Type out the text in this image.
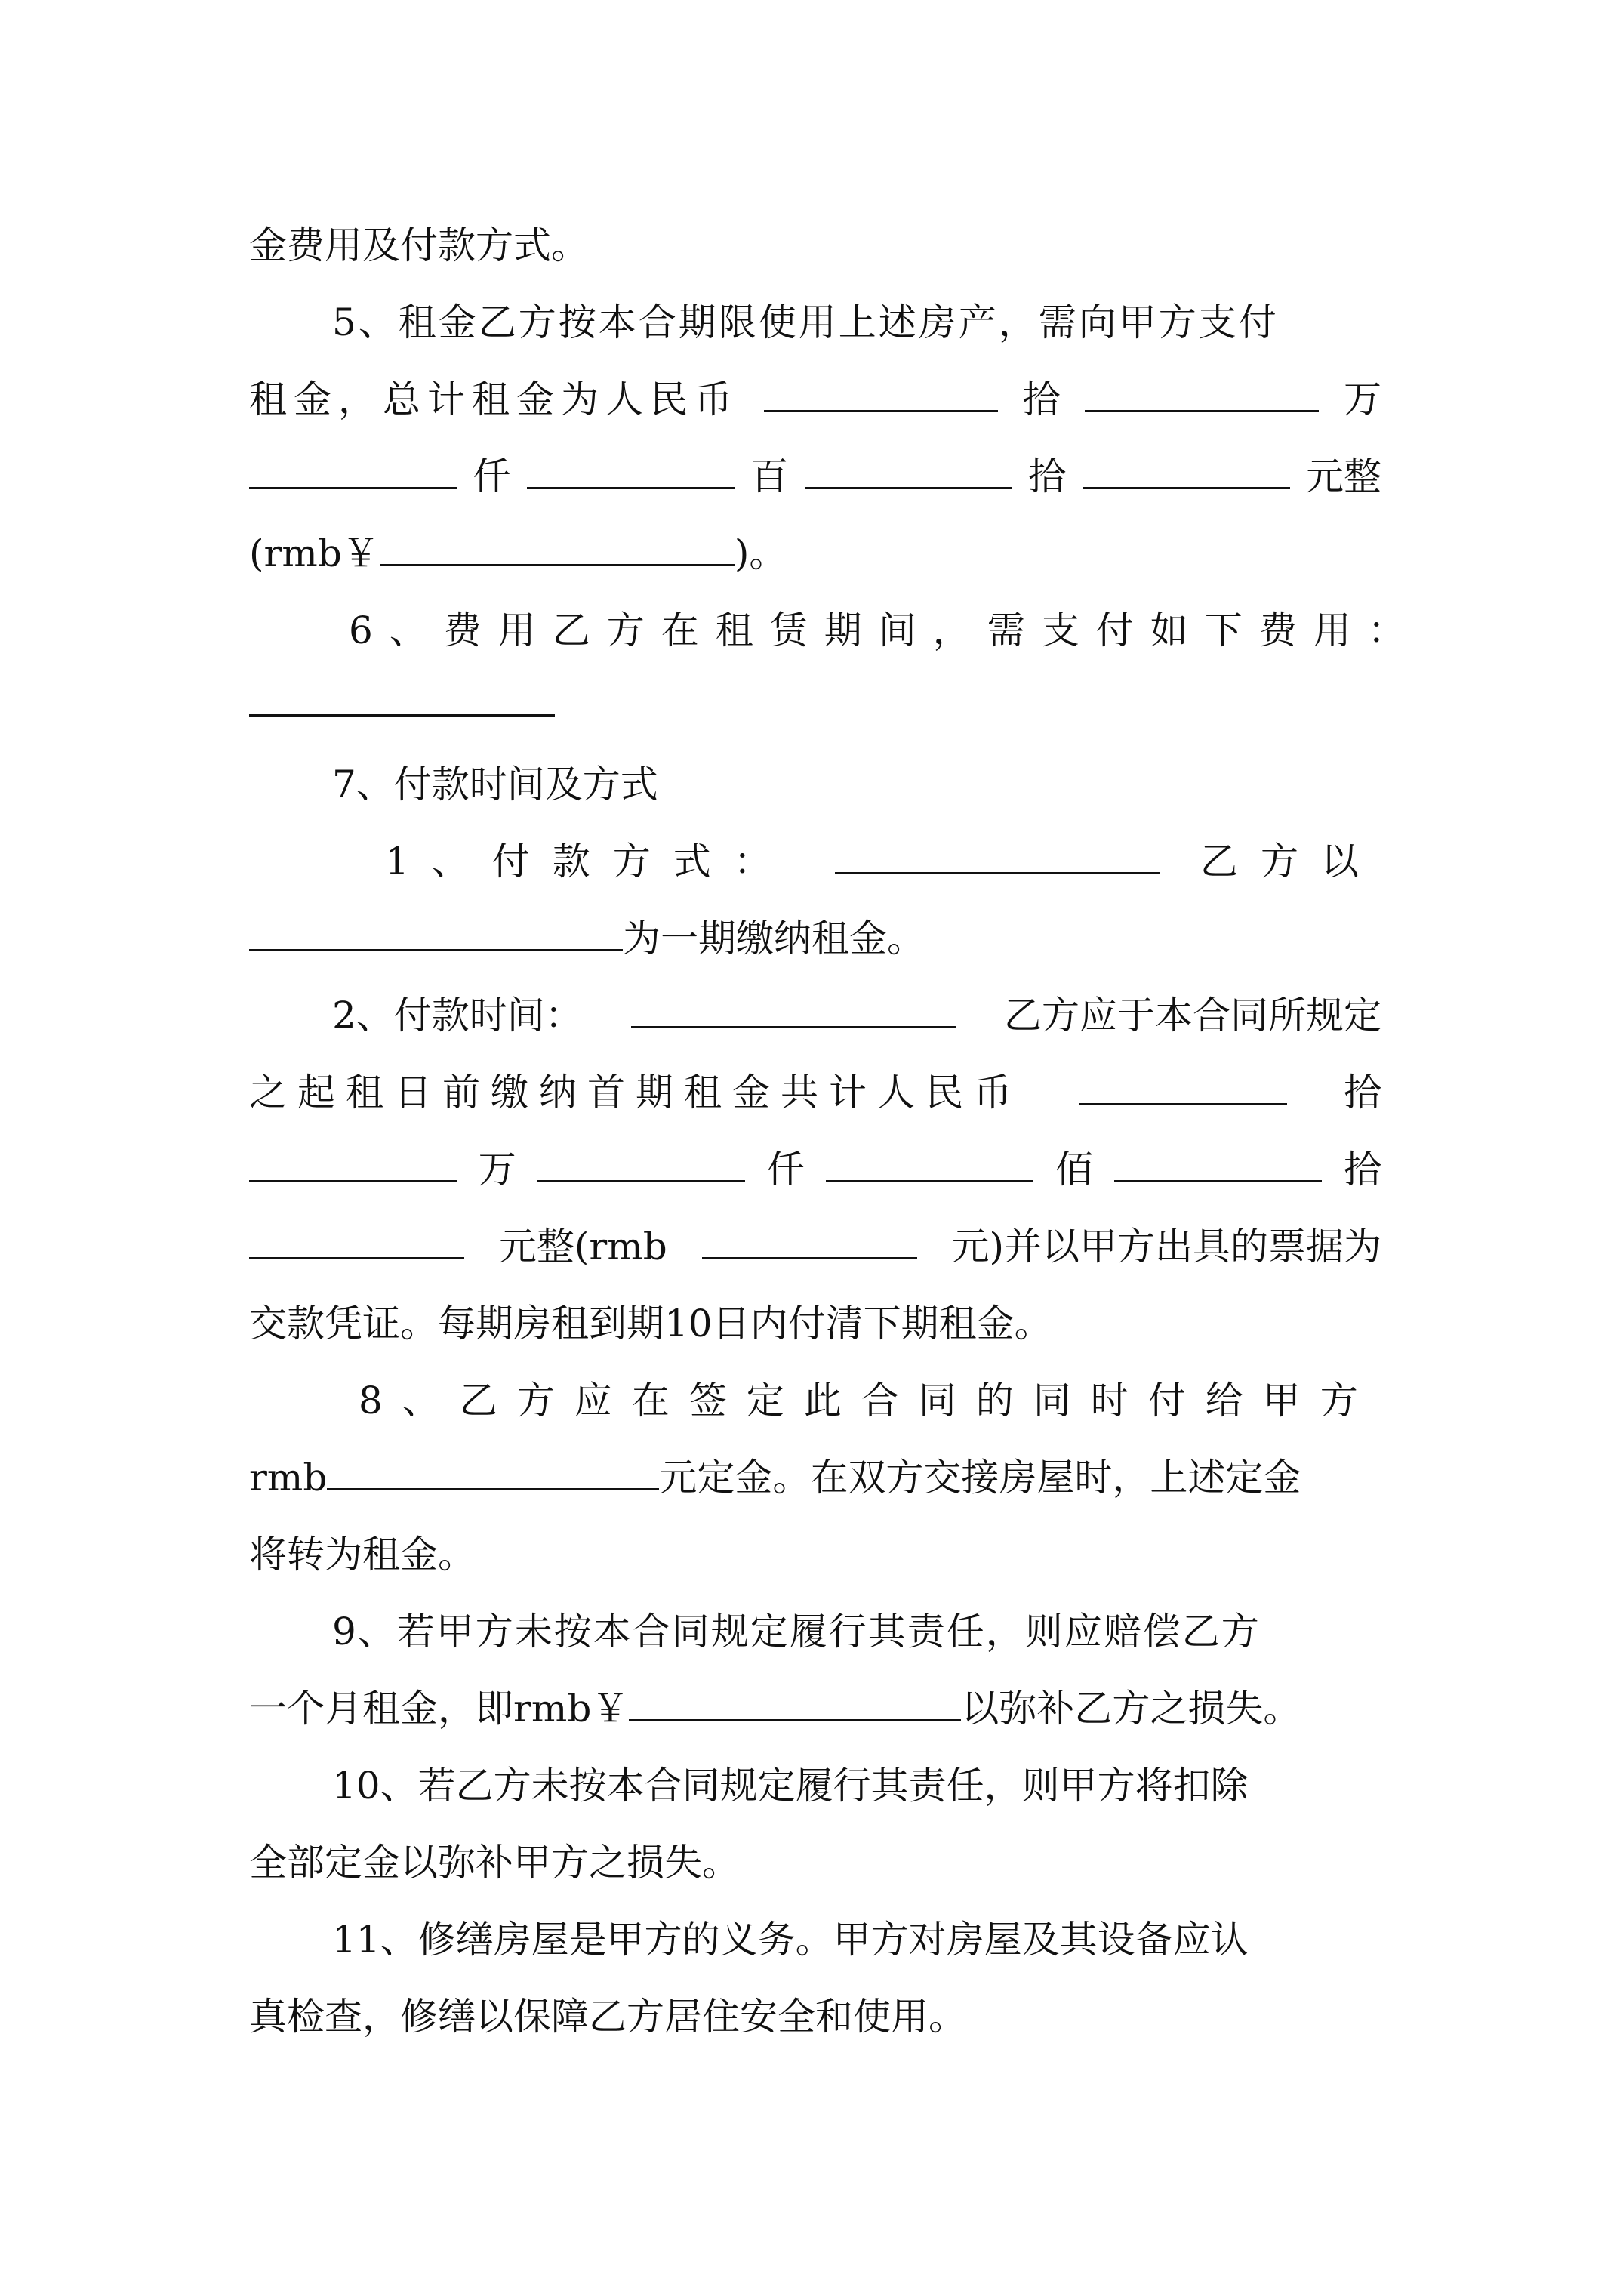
金费用及付款方式。
5、租金乙方按本合期限使用上述房产，需向甲方支付
租金，总计租金为人民币	拾	万
仟	百	拾	元整
(rmb￥	)。
6、费用乙方在租赁期间，需支付如下费用：
7、付款时间及方式
1、付款方式：	乙方以
为一期缴纳租金。
2、付款时间：	乙方应于本合同所规定
之起租日前缴纳首期租金共计人民币	拾
万	仟	佰	拾
元整(rmb	元)并以甲方出具的票据为
交款凭证。每期房租到期10日内付清下期租金。
8、乙方应在签定此合同的同时付给甲方
rmb	元定金。在双方交接房屋时，上述定金
将转为租金。
9、若甲方未按本合同规定履行其责任，则应赔偿乙方
一个月租金，即rmb￥	以弥补乙方之损失。
10、若乙方未按本合同规定履行其责任，则甲方将扣除
全部定金以弥补甲方之损失。
11、修缮房屋是甲方的义务。甲方对房屋及其设备应认
真检查，修缮以保障乙方居住安全和使用。
